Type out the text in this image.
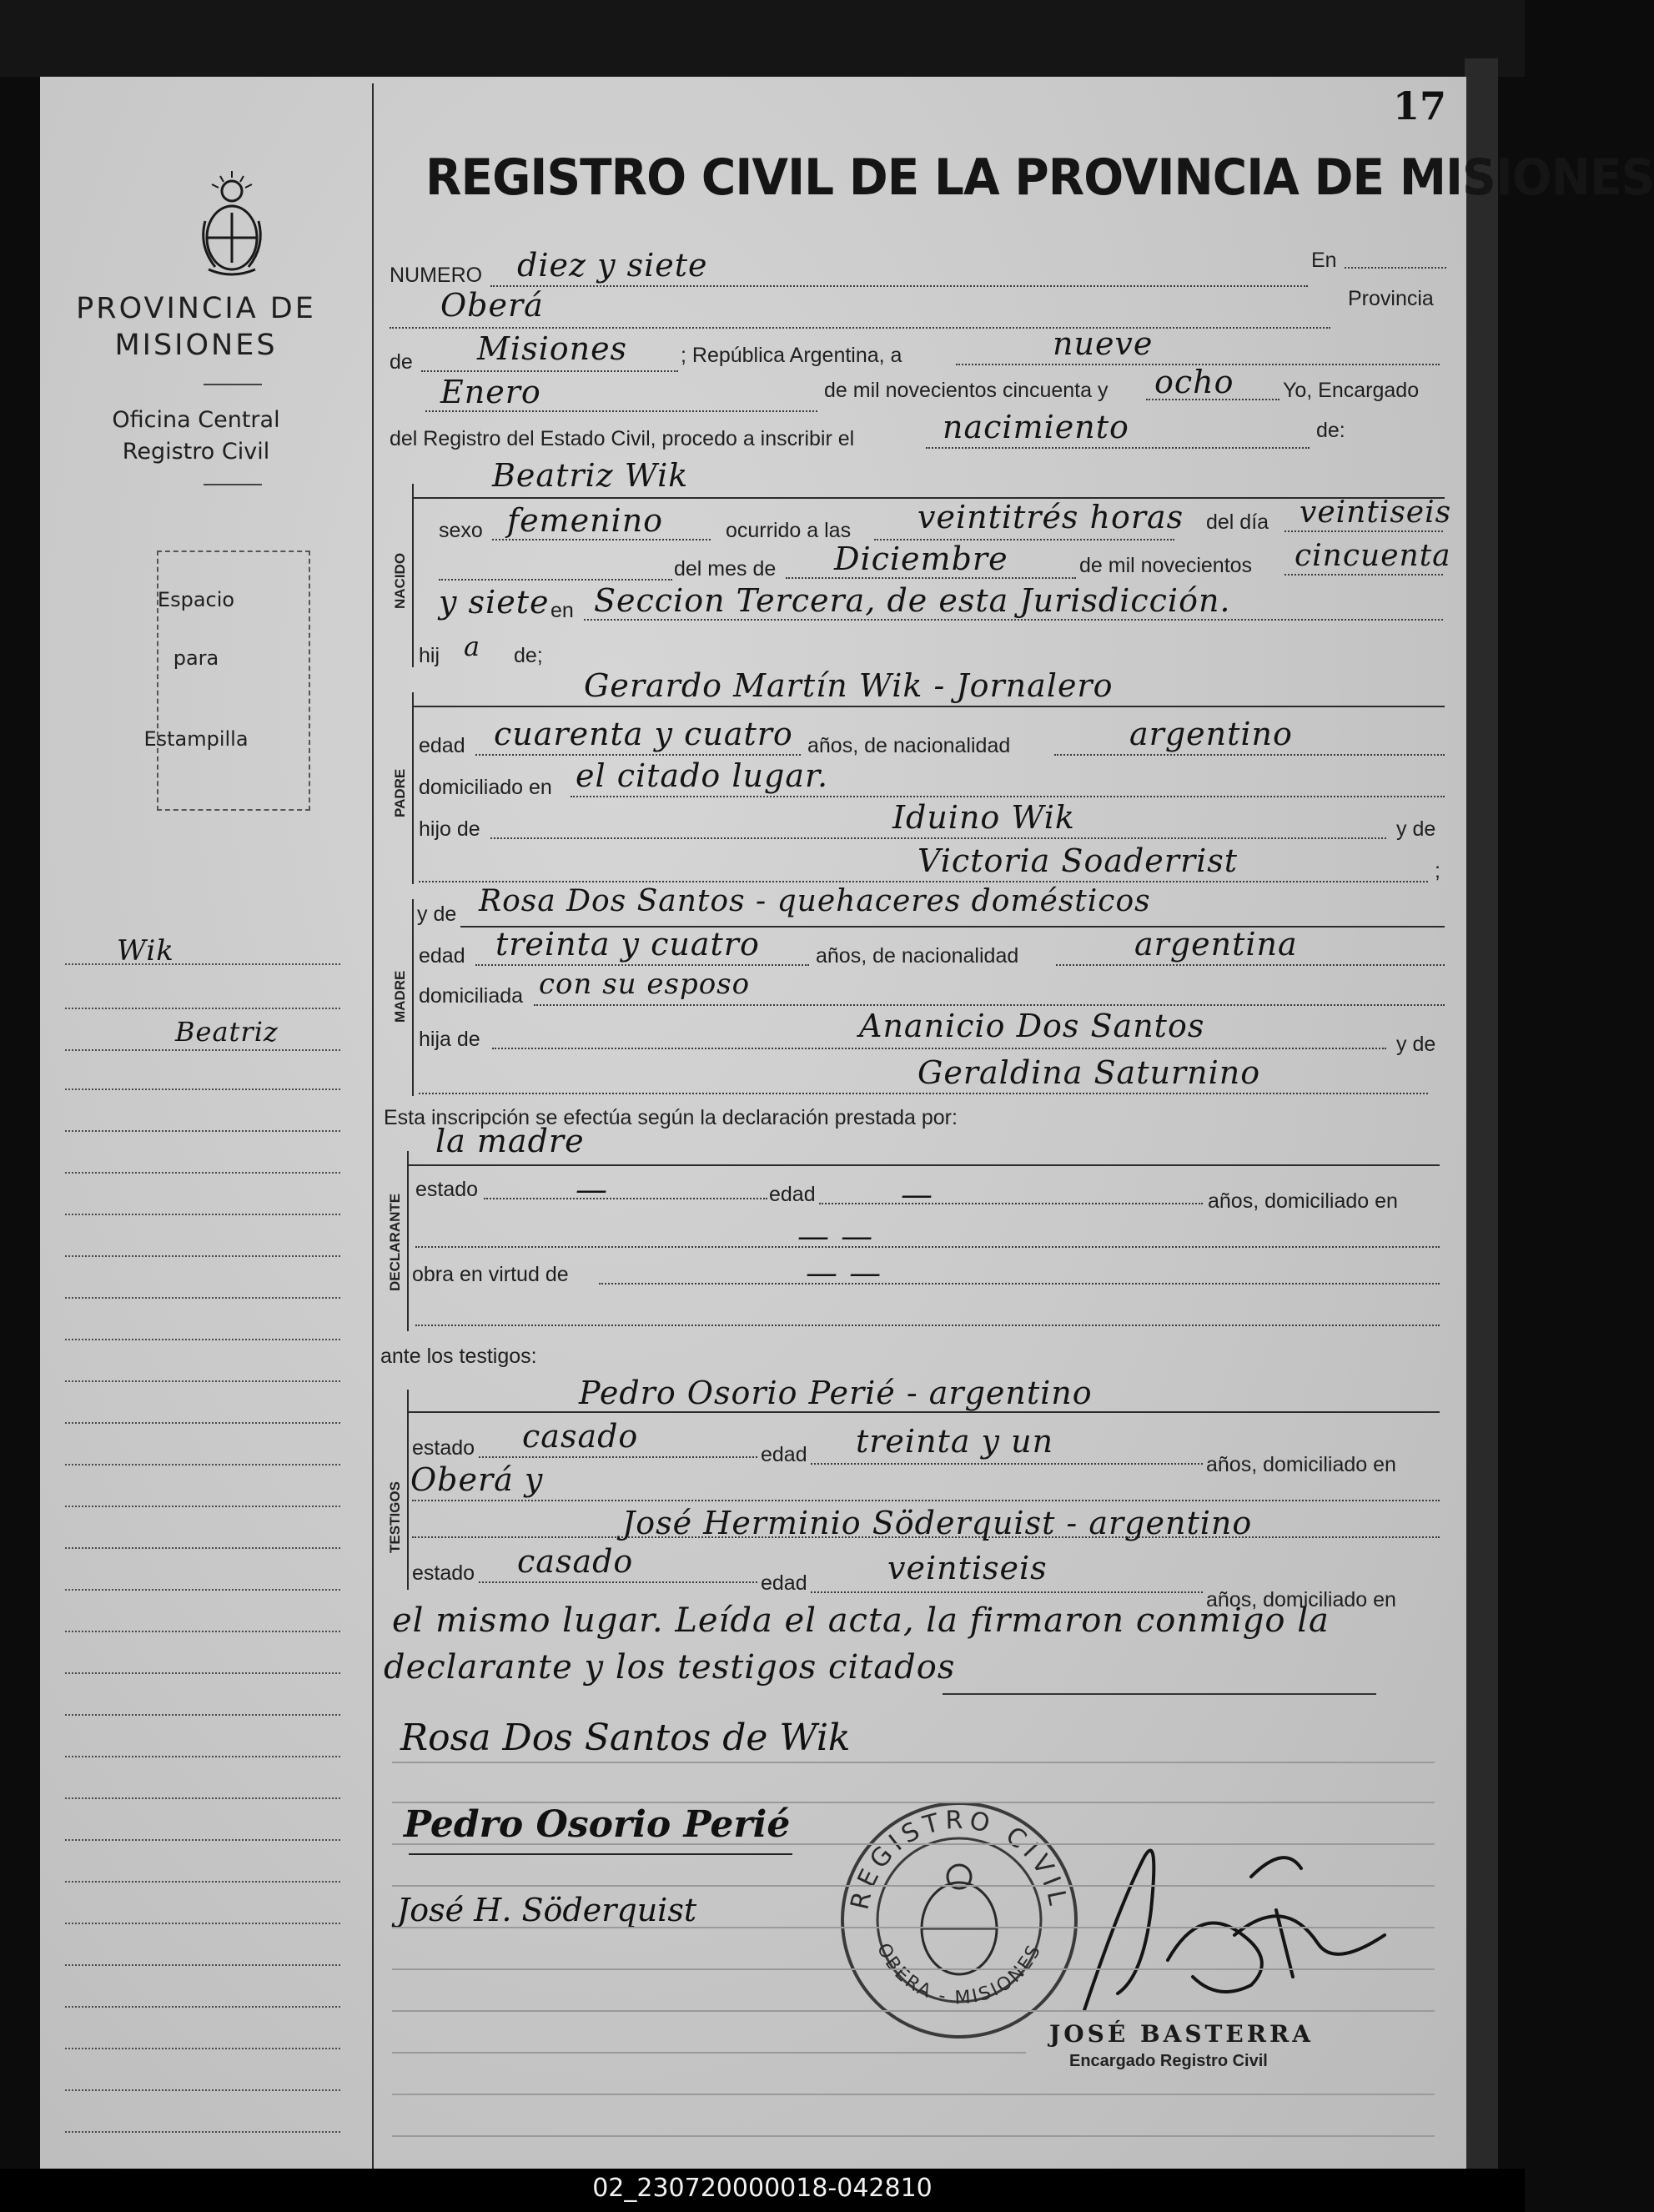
17
PROVINCIA DE
MISIONES
Oficina Central
Registro Civil
Espacio
para
Estampilla
Wik
Beatriz
REGISTRO CIVIL DE LA PROVINCIA DE MISIONES
NUMERO diez y siete	En
Oberá	Provincia
de Misiones	; República Argentina, a	nueve
Enero	de mil novecientos cincuenta y ocho Yo, Encargado
del Registro del Estado Civil, procedo a inscribir el	nacimiento	de:
NACIDO
Beatriz Wik
sexo femenino	ocurrido a las veintitrés horas del día veintiseis
del mes de Diciembre	de mil novecientos cincuenta
y siete en Seccion Tercera, de esta Jurisdicción.
hij a de;
PADRE
Gerardo Martín Wik - Jornalero
edad cuarenta y cuatro años, de nacionalidad	argentino
domiciliado en el citado lugar.
hijo de	Iduino Wik	y de
Victoria Soaderrist	;
MADRE
y de Rosa Dos Santos - quehaceres domésticos
edad treinta y cuatro	años, de nacionalidad	argentina
domiciliada con su esposo
hija de	Ananicio Dos Santos	y de
Geraldina Saturnino
Esta inscripción se efectúa según la declaración prestada por:
la madre
DECLARANTE
estado	—	edad	—	años, domiciliado en
— —
obra en virtud de	— —
ante los testigos:
TESTIGOS
Pedro Osorio Perié - argentino
estado casado	edad treinta y un
años, domiciliado en
Oberá y
José Herminio Söderquist - argentino
estado casado
edad	veintiseis
años, domiciliado en
el mismo lugar. Leída el acta, la firmaron conmigo la
declarante y los testigos citados
Rosa Dos Santos de Wik
Pedro Osorio Perié
José H. Söderquist	REGISTRO CIVIL
OBERA - MISIONES
JOSÉ BASTERRA
Encargado Registro Civil
02_230720000018-042810
